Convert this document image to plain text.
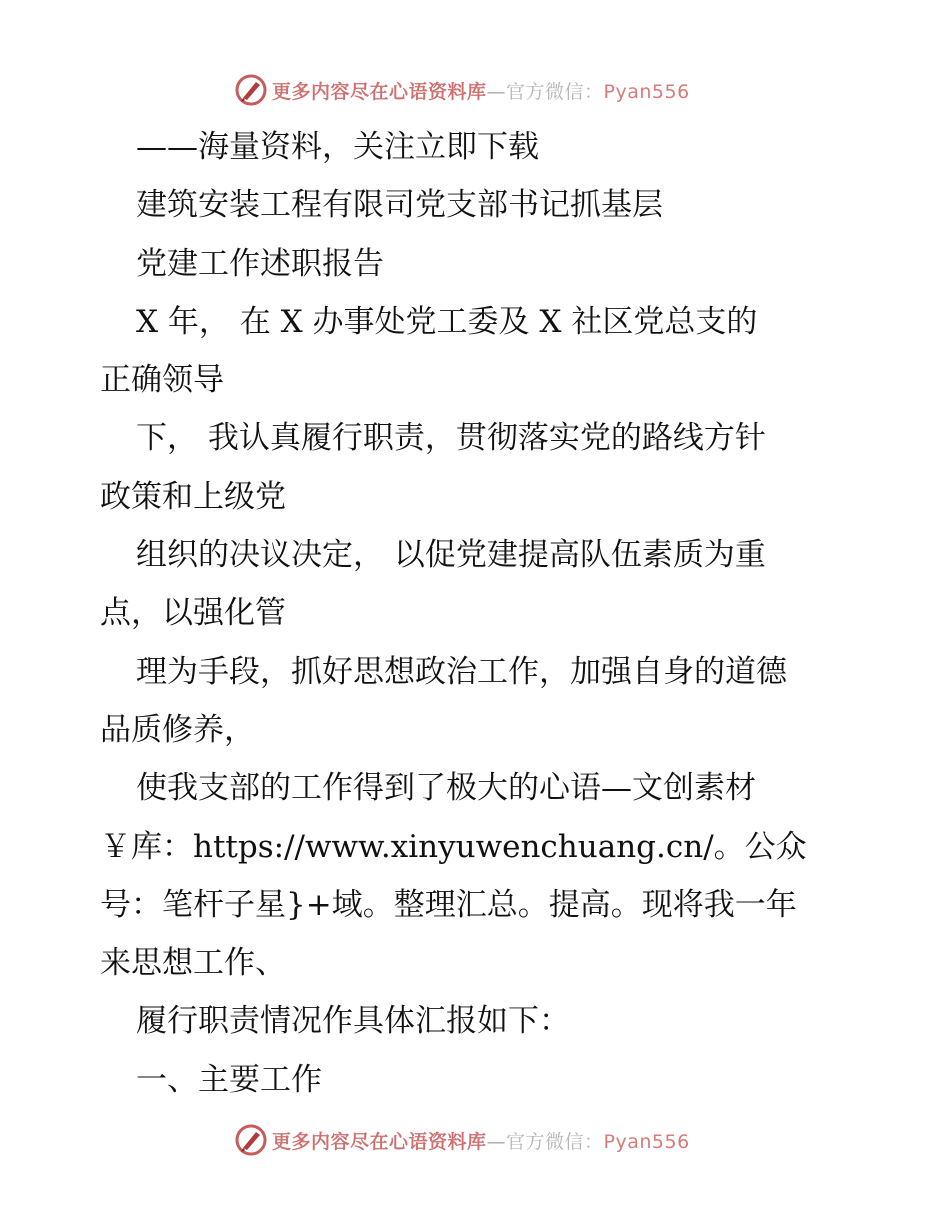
更多内容尽在心语资料库—官方微信：Pyan556
——海量资料，关注立即下载
建筑安装工程有限司党支部书记抓基层
党建工作述职报告
X 年， 在 X 办事处党工委及 X 社区党总支的
正确领导
下， 我认真履行职责，贯彻落实党的路线方针
政策和上级党
组织的决议决定， 以促党建提高队伍素质为重
点，以强化管
理为手段，抓好思想政治工作，加强自身的道德
品质修养，
使我支部的工作得到了极大的心语—文创素材
￥库：https://www.xinyuwenchuang.cn/。公众
号：笔杆子星}+域。整理汇总。提高。现将我一年
来思想工作、
履行职责情况作具体汇报如下：
一、主要工作
更多内容尽在心语资料库—官方微信：Pyan556
